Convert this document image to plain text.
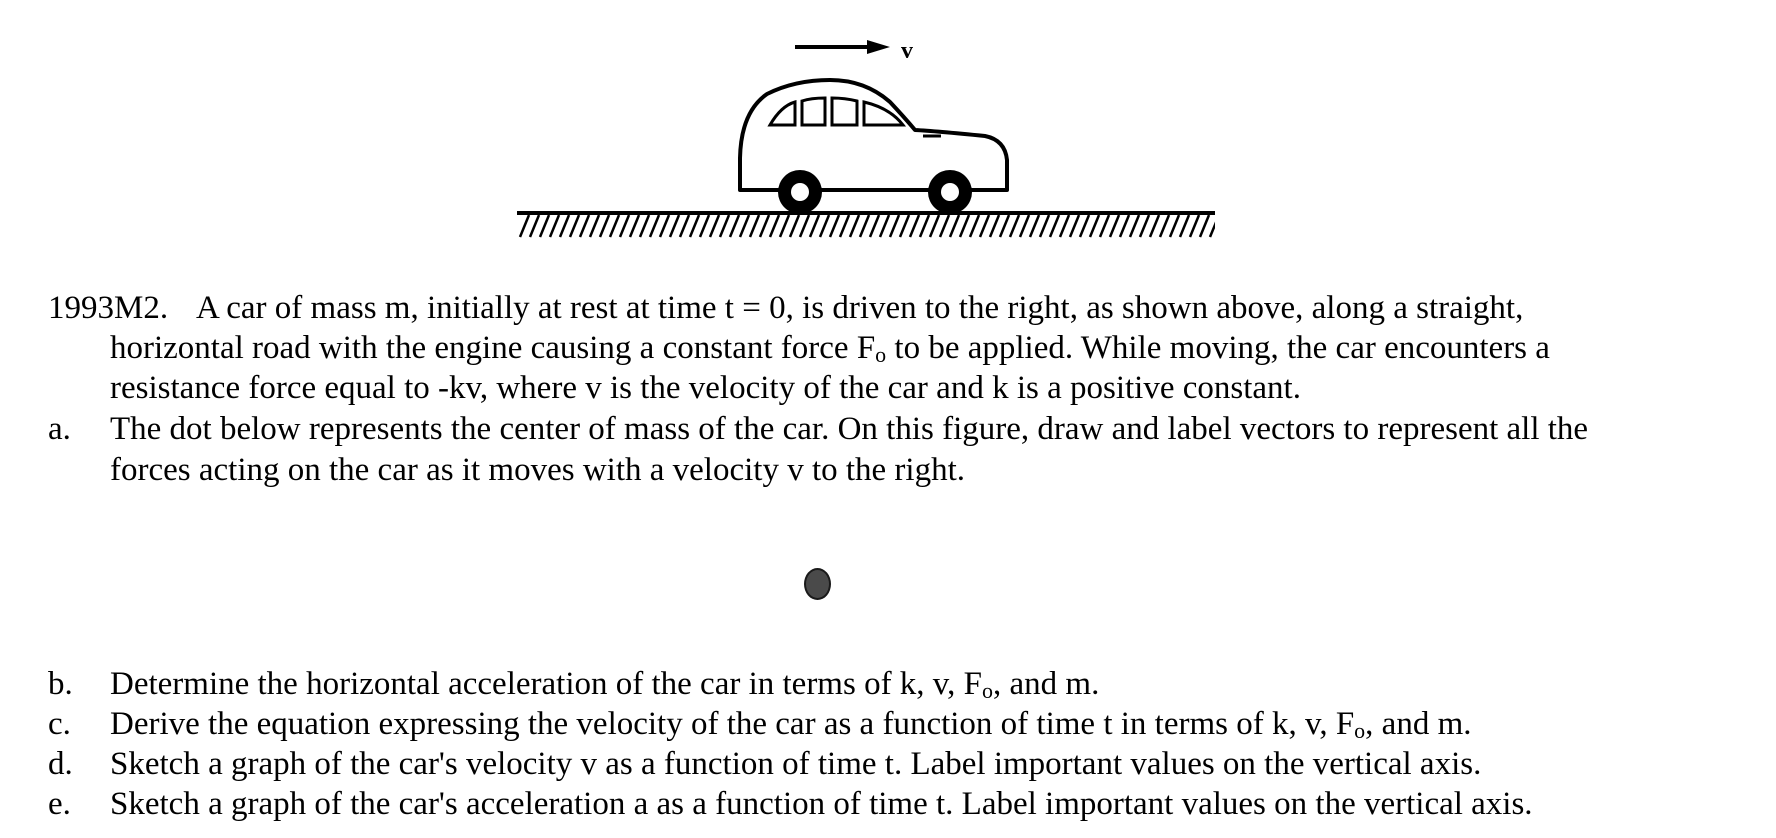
v
1993M2. A car of mass m, initially at rest at time t = 0, is driven to the right, as shown above, along a straight,
horizontal road with the engine causing a constant force $F_o$ to be applied. While moving, the car encounters a
resistance force equal to -kv, where v is the velocity of the car and k is a positive constant.
a. The dot below represents the center of mass of the car. On this figure, draw and label vectors to represent all the
forces acting on the car as it moves with a velocity v to the right.
b. Determine the horizontal acceleration of the car in terms of k, v, $F_o$, and m.
c. Derive the equation expressing the velocity of the car as a function of time t in terms of k, v, $F_o$, and m.
d. Sketch a graph of the car's velocity v as a function of time t. Label important values on the vertical axis.
e. Sketch a graph of the car's acceleration a as a function of time t. Label important values on the vertical axis.
